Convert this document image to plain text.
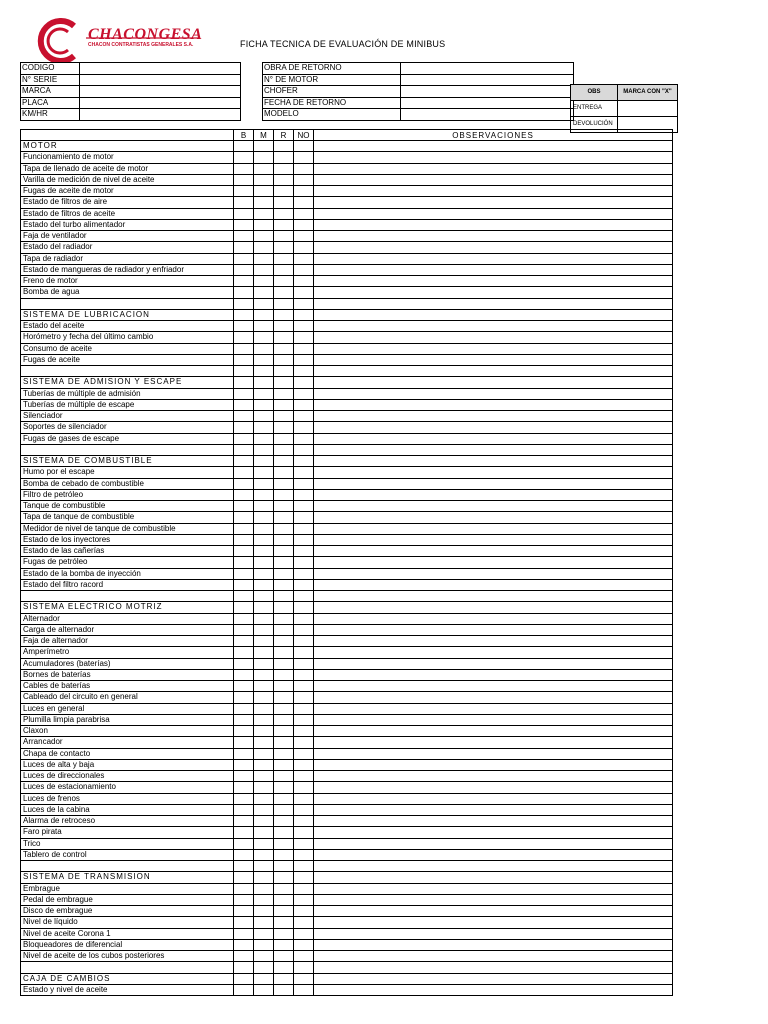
CHACONGESA
CHACON CONTRATISTAS GENERALES S.A.	FICHA TECNICA DE EVALUACIÓN DE MINIBUS
CODIGO	
N° SERIE	
MARCA	
PLACA	
KM/HR	
OBRA DE RETORNO	
N° DE MOTOR	
CHOFER	
FECHA DE RETORNO	
MODELO	
OBS	MARCA CON "X"
ENTREGA	
DEVOLUCIÓN	
	B	M	R	NO	OBSERVACIONES
MOTOR					
Funcionamiento de motor					
Tapa de llenado de aceite de motor					
Varilla de medición de nivel de aceite					
Fugas de aceite de motor					
Estado de filtros de aire					
Estado de filtros de aceite					
Estado del turbo alimentador					
Faja de ventilador					
Estado del radiador					
Tapa de radiador					
Estado de mangueras de radiador y enfriador					
Freno de motor					
Bomba de agua					

SISTEMA DE LUBRICACION					
Estado del aceite					
Horómetro y fecha del último cambio					
Consumo de aceite					
Fugas de aceite					

SISTEMA DE ADMISION Y ESCAPE					
Tuberías de múltiple de admisión					
Tuberías de múltiple de escape					
Silenciador					
Soportes de silenciador					
Fugas de gases de escape					

SISTEMA DE COMBUSTIBLE					
Humo por el escape					
Bomba de cebado de combustible					
Filtro de petróleo					
Tanque de combustible					
Tapa de tanque de combustible					
Medidor de nivel de tanque de combustible					
Estado de los inyectores					
Estado de las cañerías					
Fugas de petróleo					
Estado de la bomba de inyección					
Estado del filtro racord					

SISTEMA ELECTRICO MOTRIZ					
Alternador					
Carga de alternador					
Faja de alternador					
Amperímetro					
Acumuladores (baterías)					
Bornes de baterías					
Cables de baterías					
Cableado del circuito en general					
Luces en general					
Plumilla limpia parabrisa					
Claxon					
Arrancador					
Chapa de contacto					
Luces de alta y baja					
Luces de direccionales					
Luces de estacionamiento					
Luces de frenos					
Luces de la cabina					
Alarma de retroceso					
Faro pirata					
Trico					
Tablero de control					

SISTEMA DE TRANSMISION					
Embrague					
Pedal de embrague					
Disco de embrague					
Nivel de líquido					
Nivel de aceite Corona 1					
Bloqueadores de diferencial					
Nivel de aceite de los cubos posteriores					

CAJA DE CAMBIOS					
Estado y nivel de aceite					
